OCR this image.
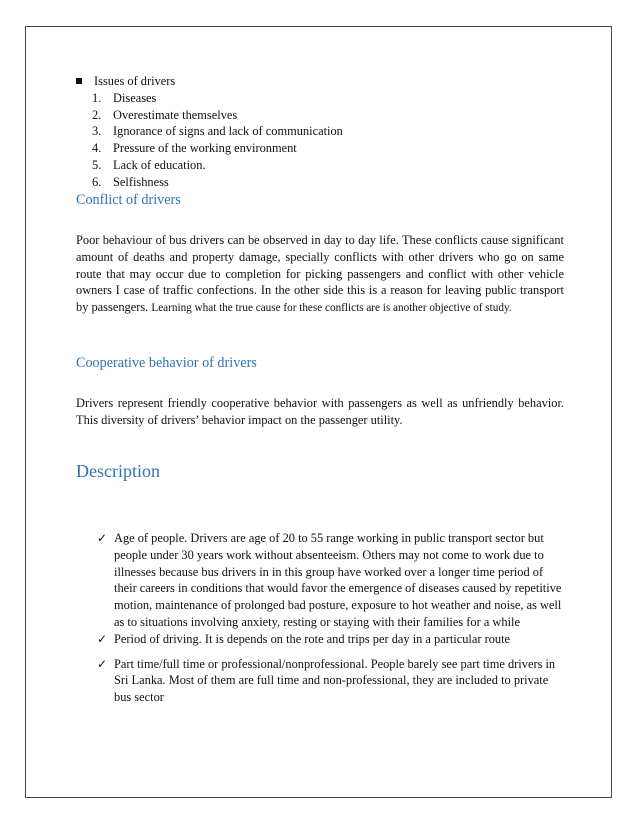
Issues of drivers
1. Diseases
2. Overestimate themselves
3. Ignorance of signs and lack of communication
4. Pressure of the working environment
5. Lack of education.
6. Selfishness
Conflict of drivers
Poor behaviour of bus drivers can be observed in day to day life. These conflicts cause significant amount of deaths and property damage, specially conflicts with other drivers who go on same route that may occur due to completion for picking passengers and conflict with other vehicle owners I case of traffic confections. In the other side this is a reason for leaving public transport by passengers. Learning what the true cause for these conflicts are is another objective of study.
Cooperative behavior of drivers
Drivers represent friendly cooperative behavior with passengers as well as unfriendly behavior. This diversity of drivers’ behavior impact on the passenger utility.
Description
✓ Age of people. Drivers are age of 20 to 55 range working in public transport sector but people under 30 years work without absenteeism. Others may not come to work due to illnesses because bus drivers in in this group have worked over a longer time period of their careers in conditions that would favor the emergence of diseases caused by repetitive motion, maintenance of prolonged bad posture, exposure to hot weather and noise, as well as to situations involving anxiety, resting or staying with their families for a while
✓ Period of driving. It is depends on the rote and trips per day in a particular route
✓ Part time/full time or professional/nonprofessional. People barely see part time drivers in Sri Lanka. Most of them are full time and non-professional, they are included to private bus sector
